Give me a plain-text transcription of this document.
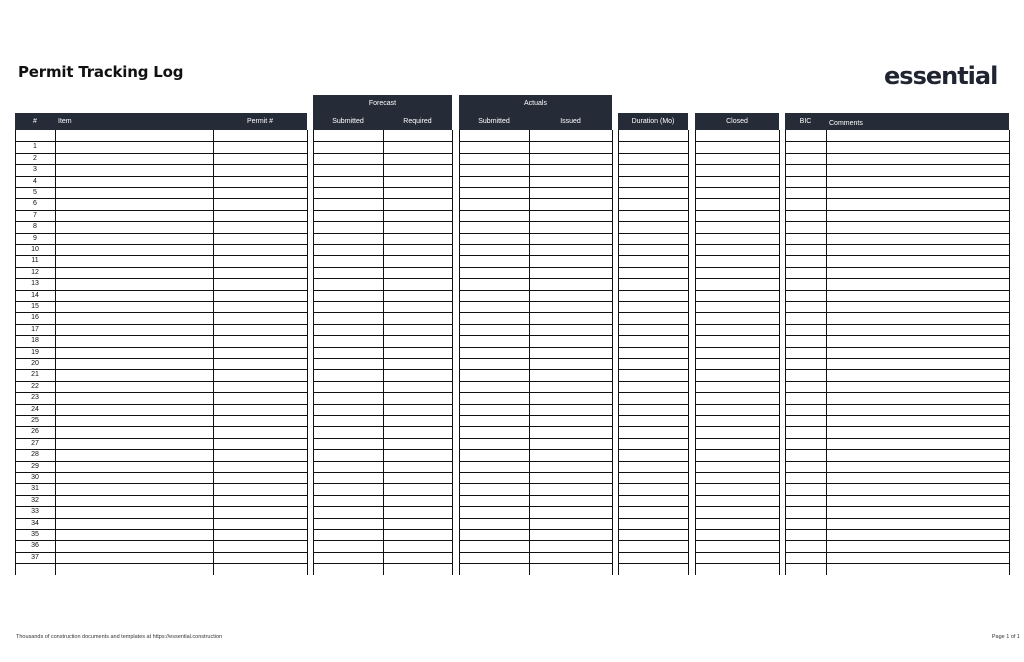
Permit Tracking Log	essential
Forecast	Actuals
#	Item	Permit #	Submitted	Required	Submitted	Issued	Duration (Mo)	Closed	BIC	Comments
1
2
3
4
5
6
7
8
9
10
11
12
13
14
15
16
17
18
19
20
21
22
23
24
25
26
27
28
29
30
31
32
33
34
35
36
37
Thousands of construction documents and templates at https://essential.construction	Page 1 of 1
